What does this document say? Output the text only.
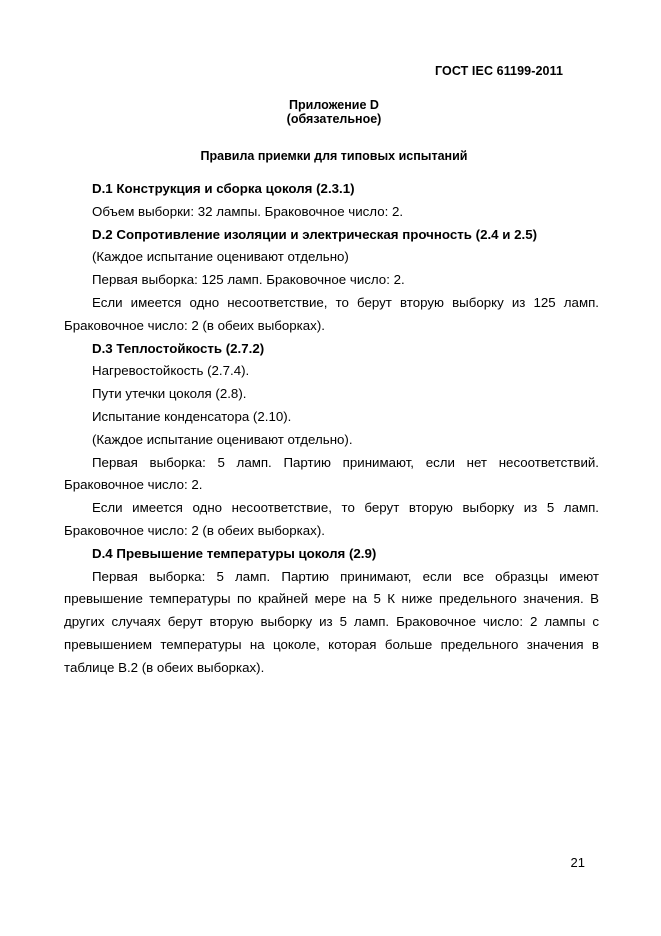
ГОСТ IEC 61199-2011
Приложение D
(обязательное)
Правила приемки для типовых испытаний

D.1 Конструкция и сборка цоколя (2.3.1)

Объем выборки: 32 лампы. Браковочное число: 2.

D.2 Сопротивление изоляции и электрическая прочность (2.4 и 2.5)

(Каждое испытание оценивают отдельно)

Первая выборка: 125 ламп. Браковочное число: 2.

Если имеется одно несоответствие, то берут вторую выборку из 125 ламп. Браковочное число: 2 (в обеих выборках).

D.3 Теплостойкость (2.7.2)

Нагревостойкость (2.7.4).

Пути утечки цоколя (2.8).

Испытание конденсатора (2.10).

(Каждое испытание оценивают отдельно).

Первая выборка: 5 ламп. Партию принимают, если нет несоответствий. Браковочное число: 2.

Если имеется одно несоответствие, то берут вторую выборку из 5 ламп. Браковочное число: 2 (в обеих выборках).

D.4 Превышение температуры цоколя (2.9)

Первая выборка: 5 ламп. Партию принимают, если все образцы имеют превышение температуры по крайней мере на 5 К ниже предельного значения. В других случаях берут вторую выборку из 5 ламп. Браковочное число: 2 лампы с превышением температуры на цоколе, которая больше предельного значения в таблице В.2 (в обеих выборках).

21
